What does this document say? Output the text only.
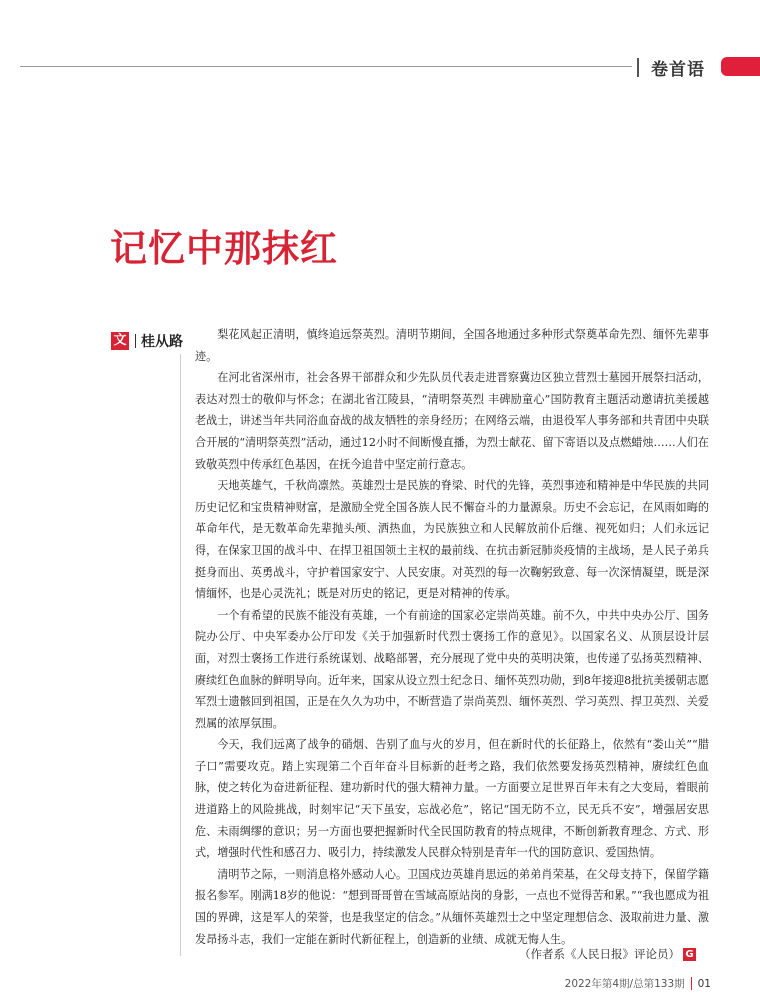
卷首语
记忆中那抹红
文 桂从路	梨花风起正清明，慎终追远祭英烈。清明节期间，全国各地通过多种形式祭奠革命先烈、缅怀先辈事迹。

在河北省深州市，社会各界干部群众和少先队员代表走进晋察冀边区独立营烈士墓园开展祭扫活动，表达对烈士的敬仰与怀念；在湖北省江陵县，“清明祭英烈 丰碑励童心”国防教育主题活动邀请抗美援越老战士，讲述当年共同浴血奋战的战友牺牲的亲身经历；在网络云端，由退役军人事务部和共青团中央联合开展的“清明祭英烈”活动，通过12小时不间断慢直播，为烈士献花、留下寄语以及点燃蜡烛……人们在致敬英烈中传承红色基因，在抚今追昔中坚定前行意志。

天地英雄气，千秋尚凛然。英雄烈士是民族的脊梁、时代的先锋，英烈事迹和精神是中华民族的共同历史记忆和宝贵精神财富，是激励全党全国各族人民不懈奋斗的力量源泉。历史不会忘记，在风雨如晦的革命年代，是无数革命先辈抛头颅、洒热血，为民族独立和人民解放前仆后继、视死如归；人们永远记得，在保家卫国的战斗中、在捍卫祖国领土主权的最前线、在抗击新冠肺炎疫情的主战场，是人民子弟兵挺身而出、英勇战斗，守护着国家安宁、人民安康。对英烈的每一次鞠躬致意、每一次深情凝望，既是深情缅怀，也是心灵洗礼；既是对历史的铭记，更是对精神的传承。

一个有希望的民族不能没有英雄，一个有前途的国家必定崇尚英雄。前不久，中共中央办公厅、国务院办公厅、中央军委办公厅印发《关于加强新时代烈士褒扬工作的意见》。以国家名义、从顶层设计层面，对烈士褒扬工作进行系统谋划、战略部署，充分展现了党中央的英明决策，也传递了弘扬英烈精神、赓续红色血脉的鲜明导向。近年来，国家从设立烈士纪念日、缅怀英烈功勋，到8年接迎8批抗美援朝志愿军烈士遗骸回到祖国，正是在久久为功中，不断营造了崇尚英烈、缅怀英烈、学习英烈、捍卫英烈、关爱烈属的浓厚氛围。

今天，我们远离了战争的硝烟、告别了血与火的岁月，但在新时代的长征路上，依然有“娄山关”“腊子口”需要攻克。踏上实现第二个百年奋斗目标新的赶考之路，我们依然要发扬英烈精神，赓续红色血脉，使之转化为奋进新征程、建功新时代的强大精神力量。一方面要立足世界百年未有之大变局，着眼前进道路上的风险挑战，时刻牢记“天下虽安，忘战必危”，铭记“国无防不立，民无兵不安”，增强居安思危、未雨绸缪的意识；另一方面也要把握新时代全民国防教育的特点规律，不断创新教育理念、方式、形式，增强时代性和感召力、吸引力，持续激发人民群众特别是青年一代的国防意识、爱国热情。

清明节之际，一则消息格外感动人心。卫国戍边英雄肖思远的弟弟肖荣基，在父母支持下，保留学籍报名参军。刚满18岁的他说：“想到哥哥曾在雪域高原站岗的身影，一点也不觉得苦和累。”“我也愿成为祖国的界碑，这是军人的荣誉，也是我坚定的信念。”从缅怀英雄烈士之中坚定理想信念、汲取前进力量、激发昂扬斗志，我们一定能在新时代新征程上，创造新的业绩、成就无悔人生。

（作者系《人民日报》评论员） G
2022年第4期/总第133期 01
